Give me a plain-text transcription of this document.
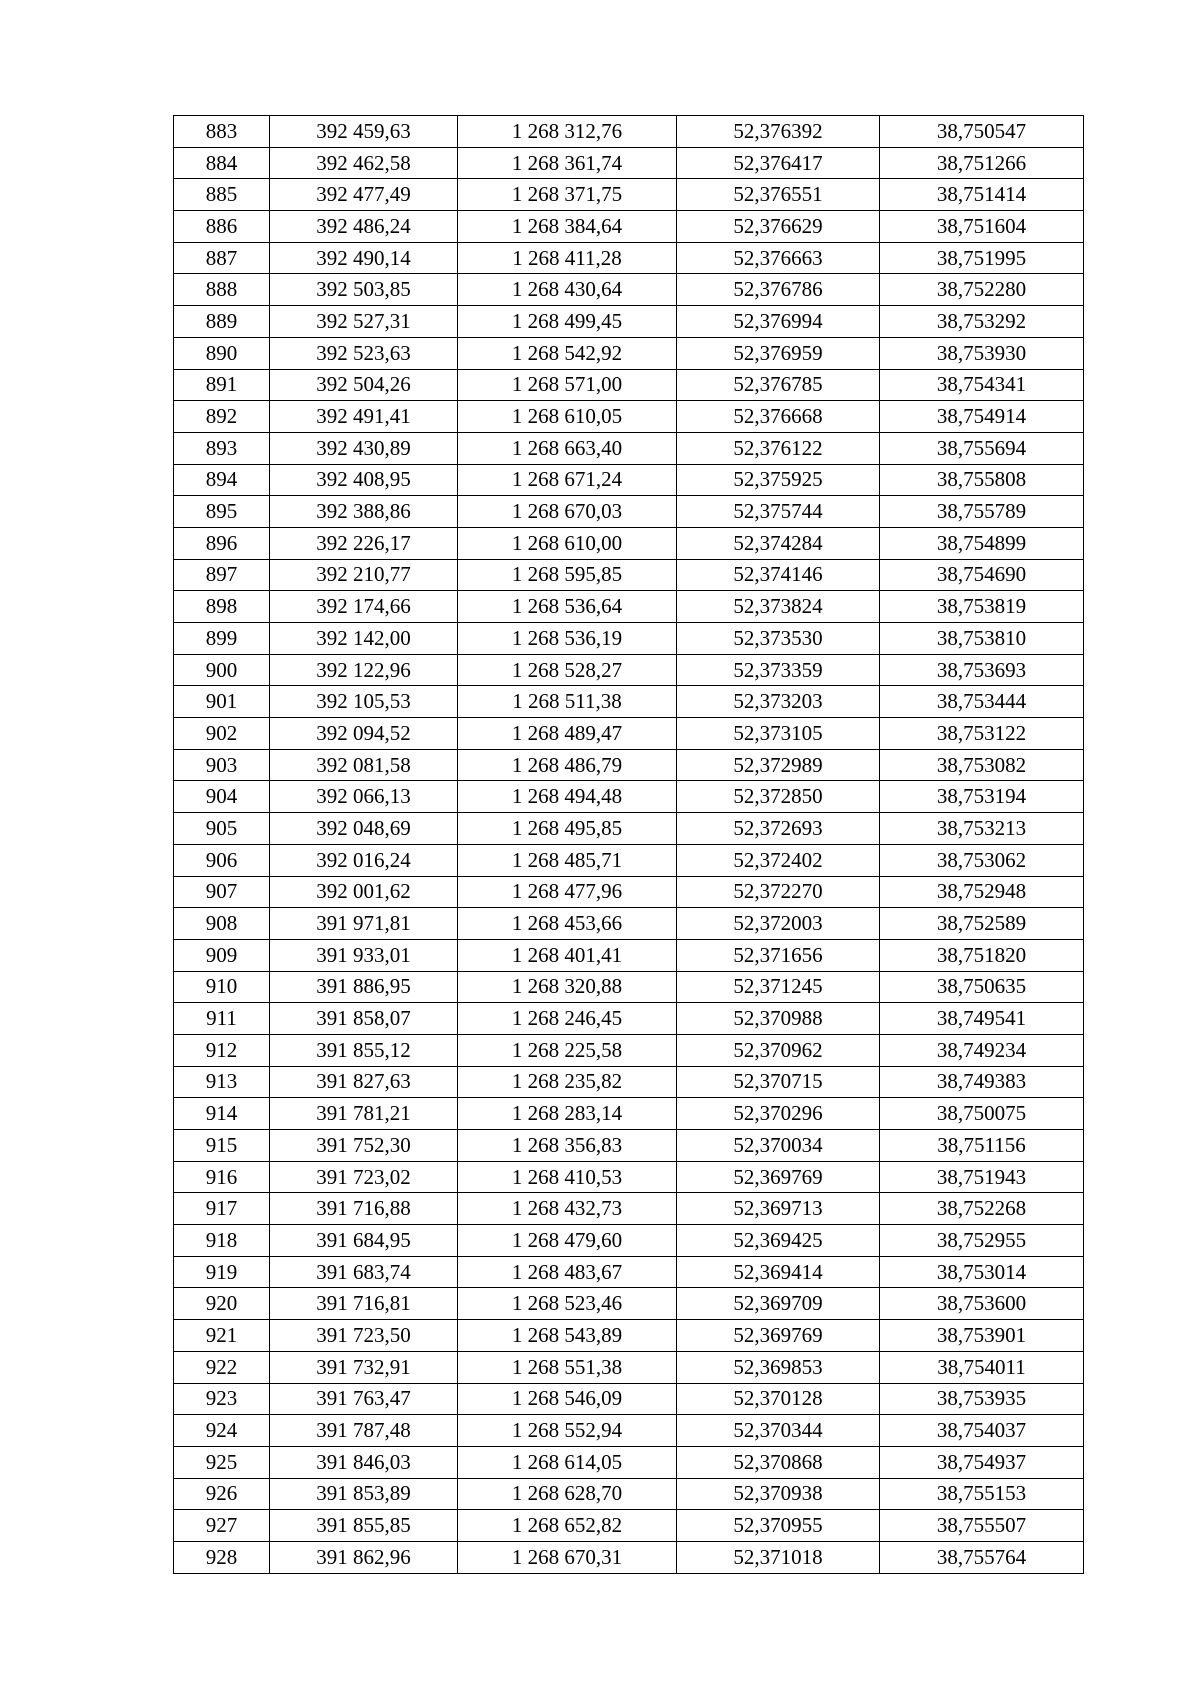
883	392 459,63	1 268 312,76	52,376392	38,750547
884	392 462,58	1 268 361,74	52,376417	38,751266
885	392 477,49	1 268 371,75	52,376551	38,751414
886	392 486,24	1 268 384,64	52,376629	38,751604
887	392 490,14	1 268 411,28	52,376663	38,751995
888	392 503,85	1 268 430,64	52,376786	38,752280
889	392 527,31	1 268 499,45	52,376994	38,753292
890	392 523,63	1 268 542,92	52,376959	38,753930
891	392 504,26	1 268 571,00	52,376785	38,754341
892	392 491,41	1 268 610,05	52,376668	38,754914
893	392 430,89	1 268 663,40	52,376122	38,755694
894	392 408,95	1 268 671,24	52,375925	38,755808
895	392 388,86	1 268 670,03	52,375744	38,755789
896	392 226,17	1 268 610,00	52,374284	38,754899
897	392 210,77	1 268 595,85	52,374146	38,754690
898	392 174,66	1 268 536,64	52,373824	38,753819
899	392 142,00	1 268 536,19	52,373530	38,753810
900	392 122,96	1 268 528,27	52,373359	38,753693
901	392 105,53	1 268 511,38	52,373203	38,753444
902	392 094,52	1 268 489,47	52,373105	38,753122
903	392 081,58	1 268 486,79	52,372989	38,753082
904	392 066,13	1 268 494,48	52,372850	38,753194
905	392 048,69	1 268 495,85	52,372693	38,753213
906	392 016,24	1 268 485,71	52,372402	38,753062
907	392 001,62	1 268 477,96	52,372270	38,752948
908	391 971,81	1 268 453,66	52,372003	38,752589
909	391 933,01	1 268 401,41	52,371656	38,751820
910	391 886,95	1 268 320,88	52,371245	38,750635
911	391 858,07	1 268 246,45	52,370988	38,749541
912	391 855,12	1 268 225,58	52,370962	38,749234
913	391 827,63	1 268 235,82	52,370715	38,749383
914	391 781,21	1 268 283,14	52,370296	38,750075
915	391 752,30	1 268 356,83	52,370034	38,751156
916	391 723,02	1 268 410,53	52,369769	38,751943
917	391 716,88	1 268 432,73	52,369713	38,752268
918	391 684,95	1 268 479,60	52,369425	38,752955
919	391 683,74	1 268 483,67	52,369414	38,753014
920	391 716,81	1 268 523,46	52,369709	38,753600
921	391 723,50	1 268 543,89	52,369769	38,753901
922	391 732,91	1 268 551,38	52,369853	38,754011
923	391 763,47	1 268 546,09	52,370128	38,753935
924	391 787,48	1 268 552,94	52,370344	38,754037
925	391 846,03	1 268 614,05	52,370868	38,754937
926	391 853,89	1 268 628,70	52,370938	38,755153
927	391 855,85	1 268 652,82	52,370955	38,755507
928	391 862,96	1 268 670,31	52,371018	38,755764
